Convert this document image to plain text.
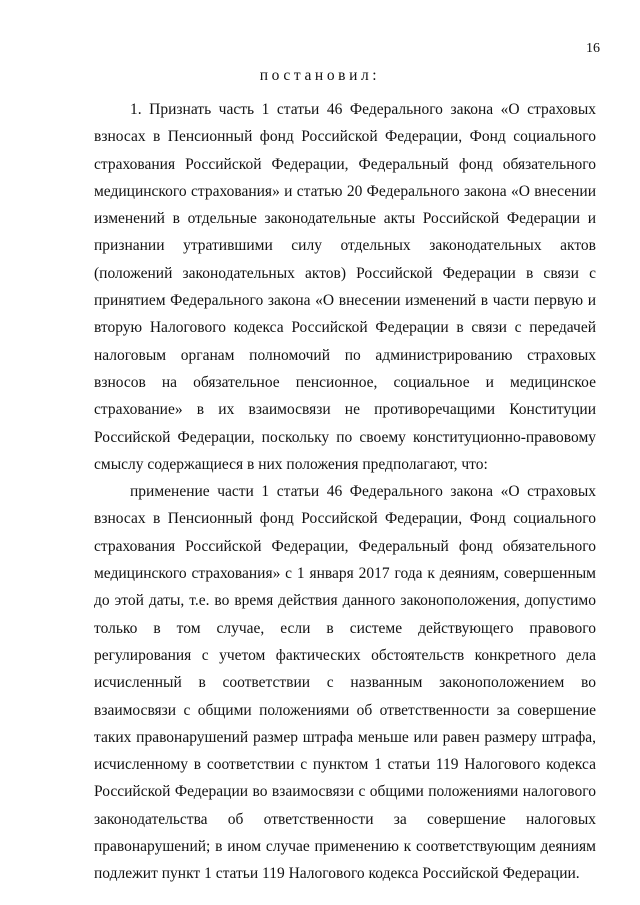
16
постановил:

1. Признать часть 1 статьи 46 Федерального закона «О страховых взносах в Пенсионный фонд Российской Федерации, Фонд социального страхования Российской Федерации, Федеральный фонд обязательного медицинского страхования» и статью 20 Федерального закона «О внесении изменений в отдельные законодательные акты Российской Федерации и признании утратившими силу отдельных законодательных актов (положений законодательных актов) Российской Федерации в связи с принятием Федерального закона «О внесении изменений в части первую и вторую Налогового кодекса Российской Федерации в связи с передачей налоговым органам полномочий по администрированию страховых взносов на обязательное пенсионное, социальное и медицинское страхование» в их взаимосвязи не противоречащими Конституции Российской Федерации, поскольку по своему конституционно-правовому смыслу содержащиеся в них положения предполагают, что:

применение части 1 статьи 46 Федерального закона «О страховых взносах в Пенсионный фонд Российской Федерации, Фонд социального страхования Российской Федерации, Федеральный фонд обязательного медицинского страхования» с 1 января 2017 года к деяниям, совершенным до этой даты, т.е. во время действия данного законоположения, допустимо только в том случае, если в системе действующего правового регулирования с учетом фактических обстоятельств конкретного дела исчисленный в соответствии с названным законоположением во взаимосвязи с общими положениями об ответственности за совершение таких правонарушений размер штрафа меньше или равен размеру штрафа, исчисленному в соответствии с пунктом 1 статьи 119 Налогового кодекса Российской Федерации во взаимосвязи с общими положениями налогового законодательства об ответственности за совершение налоговых правонарушений; в ином случае применению к соответствующим деяниям подлежит пункт 1 статьи 119 Налогового кодекса Российской Федерации.
